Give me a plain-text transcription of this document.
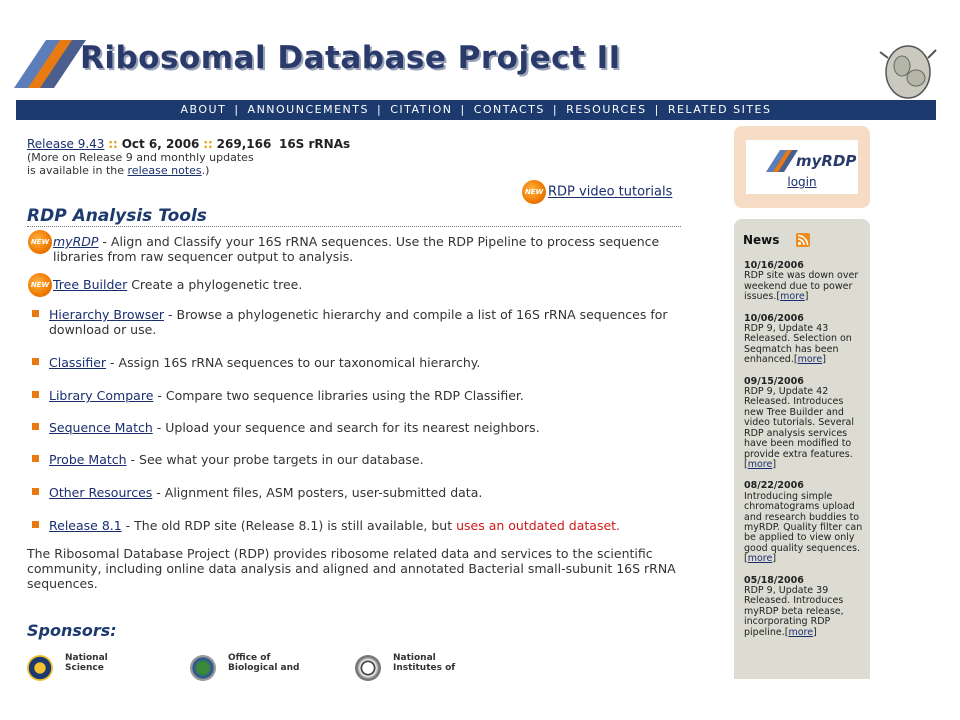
Ribosomal Database Project II
ABOUT | ANNOUNCEMENTS | CITATION | CONTACTS | RESOURCES | RELATED SITES
Release 9.43 :: Oct 6, 2006 :: 269,166 16S rRNAs
(More on Release 9 and monthly updates
is available in the release notes.)
NEW RDP video tutorials
RDP Analysis Tools
NEW myRDP - Align and Classify your 16S rRNA sequences. Use the RDP Pipeline to process sequence libraries from raw sequencer output to analysis.
NEW Tree Builder Create a phylogenetic tree.
Hierarchy Browser - Browse a phylogenetic hierarchy and compile a list of 16S rRNA sequences for download or use.
Classifier - Assign 16S rRNA sequences to our taxonomical hierarchy.
Library Compare - Compare two sequence libraries using the RDP Classifier.
Sequence Match - Upload your sequence and search for its nearest neighbors.
Probe Match - See what your probe targets in our database.
Other Resources - Alignment files, ASM posters, user-submitted data.
Release 8.1 - The old RDP site (Release 8.1) is still available, but uses an outdated dataset.
The Ribosomal Database Project (RDP) provides ribosome related data and services to the scientific community, including online data analysis and aligned and annotated Bacterial small-subunit 16S rRNA sequences.
Sponsors:
National
Science
Office of
Biological and
National
Institutes of
myRDP
login
News
10/16/2006
RDP site was down over weekend due to power issues.[more]
10/06/2006
RDP 9, Update 43 Released. Selection on Seqmatch has been enhanced.[more]
09/15/2006
RDP 9, Update 42 Released. Introduces new Tree Builder and video tutorials. Several RDP analysis services have been modified to provide extra features.[more]
08/22/2006
Introducing simple chromatograms upload and research buddies to myRDP. Quality filter can be applied to view only good quality sequences.[more]
05/18/2006
RDP 9, Update 39 Released. Introduces myRDP beta release, incorporating RDP pipeline.[more]
